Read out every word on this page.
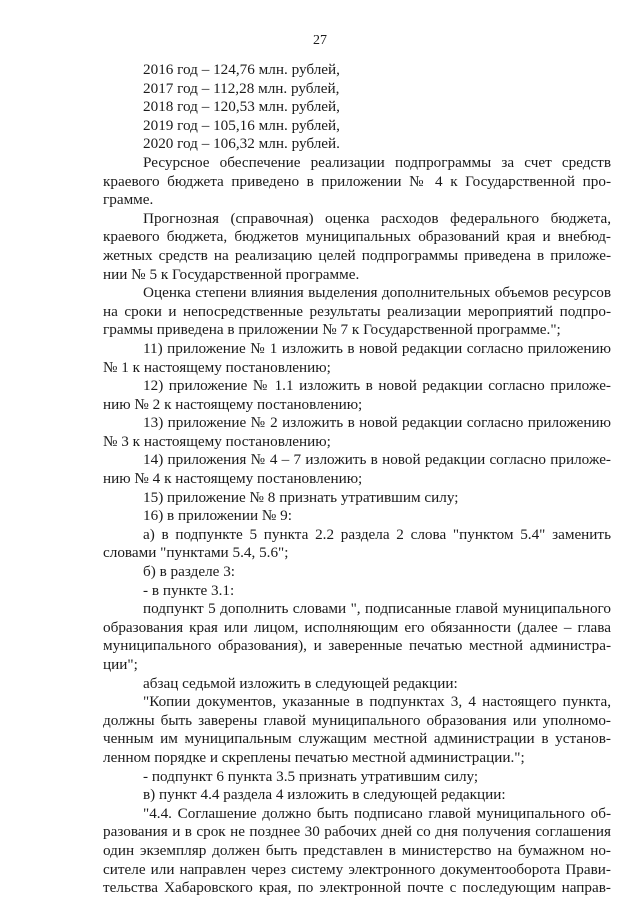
27
2016 год – 124,76 млн. рублей,
2017 год – 112,28 млн. рублей,
2018 год – 120,53 млн. рублей,
2019 год – 105,16 млн. рублей,
2020 год – 106,32 млн. рублей.
Ресурсное обеспечение реализации подпрограммы за счет средств
краевого бюджета приведено в приложении № 4 к Государственной про-
грамме.
Прогнозная (справочная) оценка расходов федерального бюджета,
краевого бюджета, бюджетов муниципальных образований края и внебюд-
жетных средств на реализацию целей подпрограммы приведена в приложе-
нии № 5 к Государственной программе.
Оценка степени влияния выделения дополнительных объемов ресурсов
на сроки и непосредственные результаты реализации мероприятий подпро-
граммы приведена в приложении № 7 к Государственной программе.";
11) приложение № 1 изложить в новой редакции согласно приложению
№ 1 к настоящему постановлению;
12) приложение № 1.1 изложить в новой редакции согласно приложе-
нию № 2 к настоящему постановлению;
13) приложение № 2 изложить в новой редакции согласно приложению
№ 3 к настоящему постановлению;
14) приложения № 4 – 7 изложить в новой редакции согласно приложе-
нию № 4 к настоящему постановлению;
15) приложение № 8 признать утратившим силу;
16) в приложении № 9:
а) в подпункте 5 пункта 2.2 раздела 2 слова "пунктом 5.4" заменить
словами "пунктами 5.4, 5.6";
б) в разделе 3:
- в пункте 3.1:
подпункт 5 дополнить словами ", подписанные главой муниципального
образования края или лицом, исполняющим его обязанности (далее – глава
муниципального образования), и заверенные печатью местной администра-
ции";
абзац седьмой изложить в следующей редакции:
"Копии документов, указанные в подпунктах 3, 4 настоящего пункта,
должны быть заверены главой муниципального образования или уполномо-
ченным им муниципальным служащим местной администрации в установ-
ленном порядке и скреплены печатью местной администрации.";
- подпункт 6 пункта 3.5 признать утратившим силу;
в) пункт 4.4 раздела 4 изложить в следующей редакции:
"4.4. Соглашение должно быть подписано главой муниципального об-
разования и в срок не позднее 30 рабочих дней со дня получения соглашения
один экземпляр должен быть представлен в министерство на бумажном но-
сителе или направлен через систему электронного документооборота Прави-
тельства Хабаровского края, по электронной почте с последующим направ-
